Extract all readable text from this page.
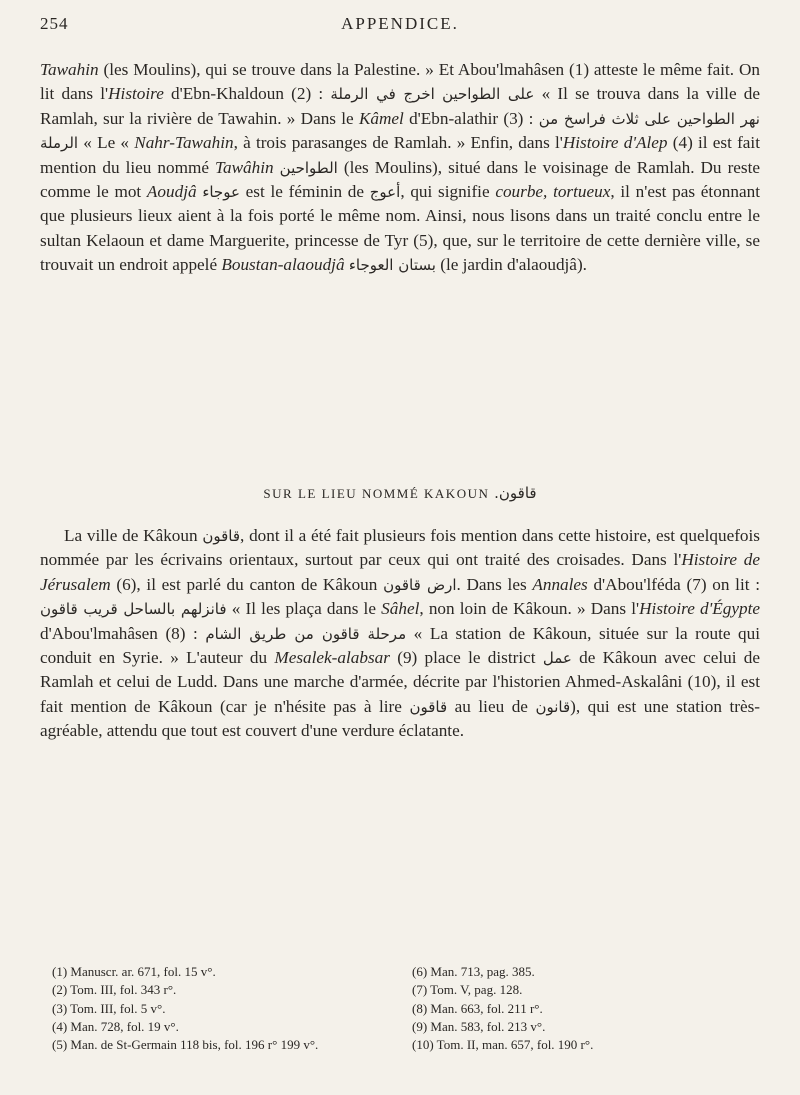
254	APPENDICE.

Tawahin (les Moulins), qui se trouve dans la Palestine. » Et Abou'lmahâsen (1) atteste le même fait. On lit dans l'Histoire d'Ebn-Khaldoun (2) : اخرج في الرملة على الطواحين « Il se trouva dans la ville de Ramlah, sur la rivière de Tawahin. » Dans le Kâmel d'Ebn-alathir (3) : نهر الطواحين على ثلاث فراسخ من الرملة « Le « Nahr-Tawahin, à trois parasanges de Ramlah. » Enfin, dans l'Histoire d'Alep (4) il est fait mention du lieu nommé Tawâhin الطواحين (les Moulins), situé dans le voisinage de Ramlah. Du reste comme le mot Aoudjâ عوجاء est le féminin de أعوج, qui signifie courbe, tortueux, il n'est pas étonnant que plusieurs lieux aient à la fois porté le même nom. Ainsi, nous lisons dans un traité conclu entre le sultan Kelaoun et dame Marguerite, princesse de Tyr (5), que, sur le territoire de cette dernière ville, se trouvait un endroit appelé Boustan-alaoudjâ بستان العوجاء (le jardin d'alaoudjâ).

SUR LE LIEU NOMMÉ KAKOUN قاقون.

La ville de Kâkoun قاقون, dont il a été fait plusieurs fois mention dans cette histoire, est quelquefois nommée par les écrivains orientaux, surtout par ceux qui ont traité des croisades. Dans l'Histoire de Jérusalem (6), il est parlé du canton de Kâkoun ارض قاقون. Dans les Annales d'Abou'lféda (7) on lit : فانزلهم بالساحل قريب قاقون « Il les plaça dans le Sâhel, non loin de Kâkoun. » Dans l'Histoire d'Égypte d'Abou'lmahâsen (8) : مرحلة قاقون من طريق الشام « La station de Kâkoun, située sur la route qui conduit en Syrie. » L'auteur du Mesalek-alabsar (9) place le district عمل de Kâkoun avec celui de Ramlah et celui de Ludd. Dans une marche d'armée, décrite par l'historien Ahmed-Askalâni (10), il est fait mention de Kâkoun (car je n'hésite pas à lire قاقون au lieu de قانون), qui est une station très-agréable, attendu que tout est couvert d'une verdure éclatante.

(1) Manuscr. ar. 671, fol. 15 v°.
(2) Tom. III, fol. 343 r°.
(3) Tom. III, fol. 5 v°.
(4) Man. 728, fol. 19 v°.
(5) Man. de St-Germain 118 bis, fol. 196 r° 199 v°.
(6) Man. 713, pag. 385.
(7) Tom. V, pag. 128.
(8) Man. 663, fol. 211 r°.
(9) Man. 583, fol. 213 v°.
(10) Tom. II, man. 657, fol. 190 r°.
